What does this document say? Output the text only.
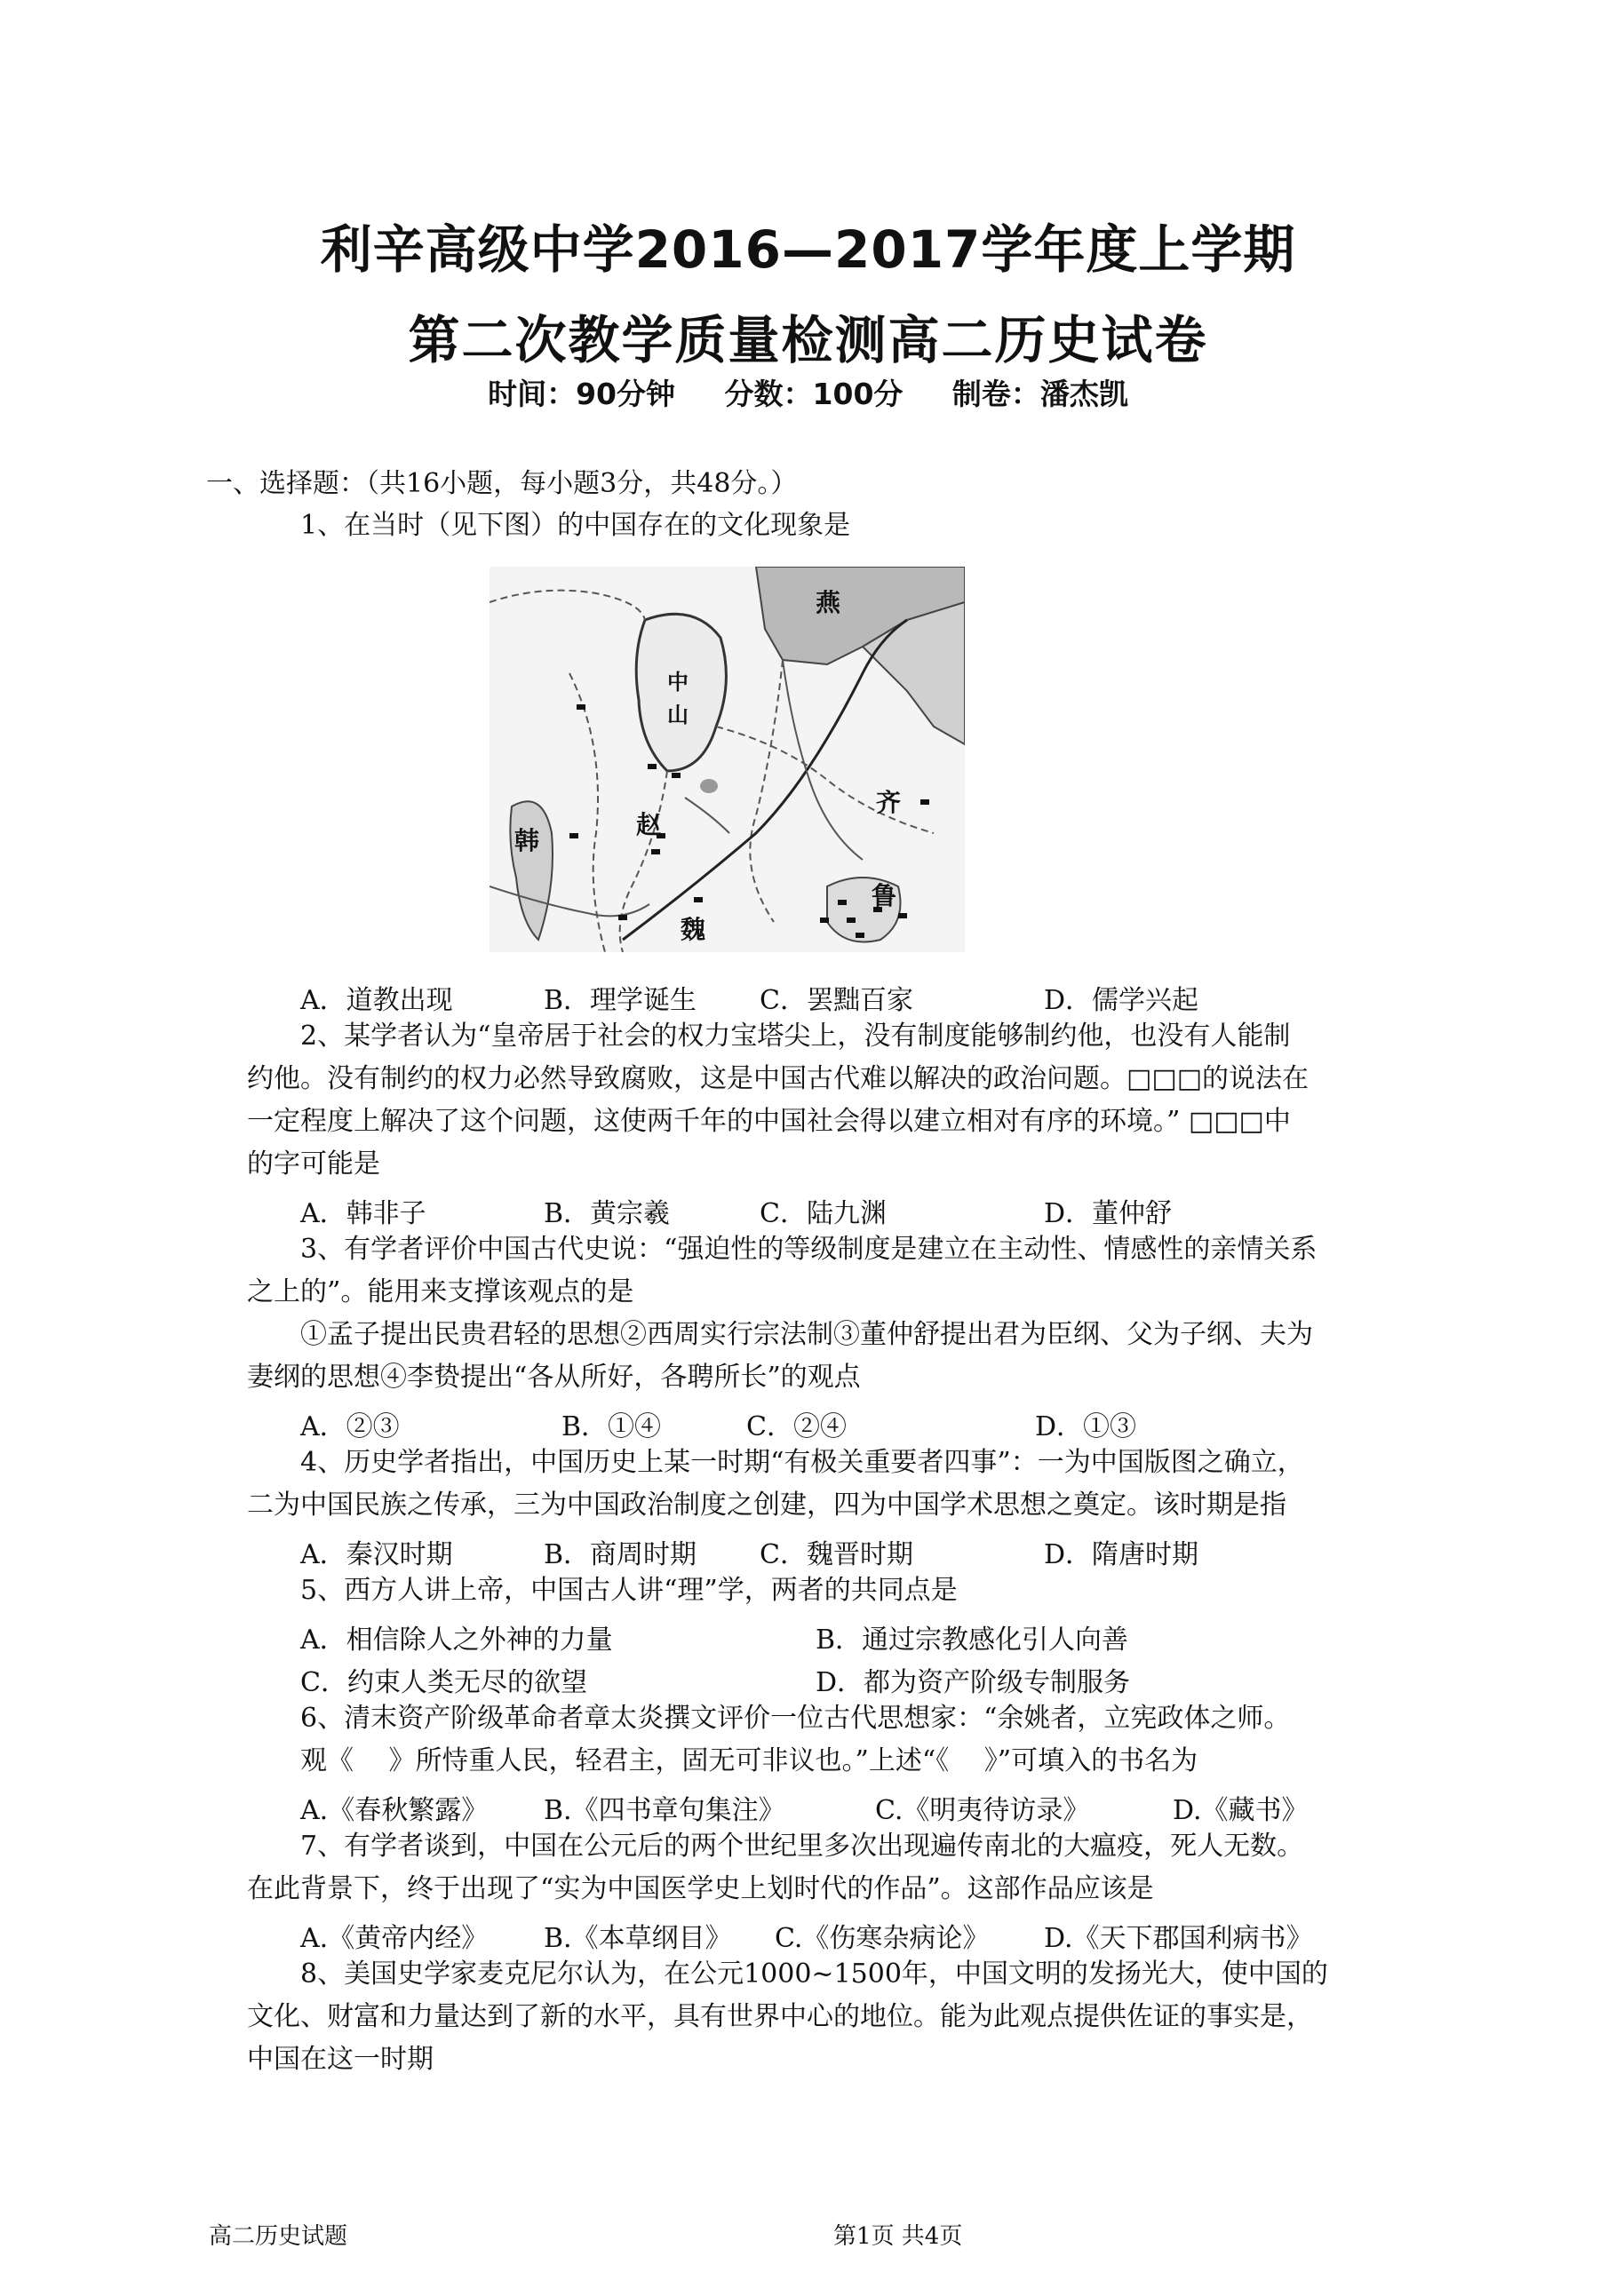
利辛高级中学2016—2017学年度上学期
第二次教学质量检测高二历史试卷
时间：90分钟 分数：100分 制卷：潘杰凯
一、选择题：（共16小题，每小题3分，共48分。）
1、在当时（见下图）的中国存在的文化现象是
燕
中
山
赵
齐
韩
魏
鲁
A．道教出现	B．理学诞生 C．罢黜百家	D．儒学兴起
2、某学者认为“皇帝居于社会的权力宝塔尖上，没有制度能够制约他，也没有人能制
约他。没有制约的权力必然导致腐败，这是中国古代难以解决的政治问题。□□□的说法在
一定程度上解决了这个问题，这使两千年的中国社会得以建立相对有序的环境。” □□□中
的字可能是
A．韩非子	B．黄宗羲	C．陆九渊	D．董仲舒
3、有学者评价中国古代史说：“强迫性的等级制度是建立在主动性、情感性的亲情关系
之上的”。能用来支撑该观点的是
①孟子提出民贵君轻的思想②西周实行宗法制③董仲舒提出君为臣纲、父为子纲、夫为
妻纲的思想④李贽提出“各从所好，各聘所长”的观点
A．②③	B．①④	C．②④	D．①③
4、历史学者指出，中国历史上某一时期“有极关重要者四事”：一为中国版图之确立，
二为中国民族之传承，三为中国政治制度之创建，四为中国学术思想之奠定。该时期是指
A．秦汉时期	B．商周时期 C．魏晋时期	D．隋唐时期
5、西方人讲上帝，中国古人讲“理”学，两者的共同点是
A．相信除人之外神的力量	B．通过宗教感化引人向善
C．约束人类无尽的欲望	D．都为资产阶级专制服务
6、清末资产阶级革命者章太炎撰文评价一位古代思想家：“余姚者，立宪政体之师。
观《　 》所恃重人民，轻君主，固无可非议也。”上述“《　 》”可填入的书名为
A.《春秋繁露》 B.《四书章句集注》	C.《明夷待访录》	D.《藏书》
7、有学者谈到，中国在公元后的两个世纪里多次出现遍传南北的大瘟疫，死人无数。
在此背景下，终于出现了“实为中国医学史上划时代的作品”。这部作品应该是
A.《黄帝内经》 B.《本草纲目》 C.《伤寒杂病论》 D.《天下郡国利病书》
8、美国史学家麦克尼尔认为，在公元1000~1500年，中国文明的发扬光大，使中国的
文化、财富和力量达到了新的水平，具有世界中心的地位。能为此观点提供佐证的事实是，
中国在这一时期
高二历史试题	第1页 共4页
